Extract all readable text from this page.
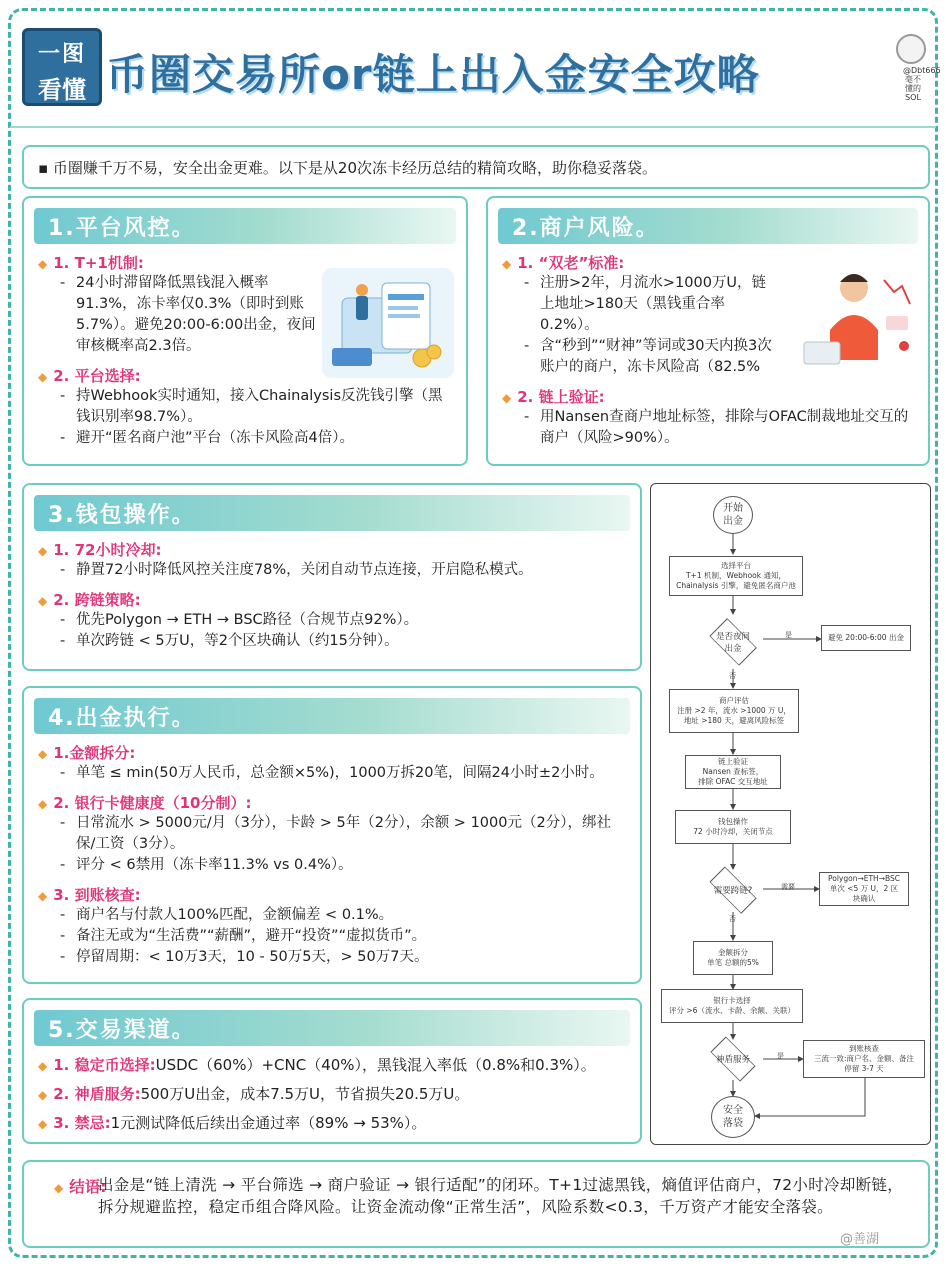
一图
看懂 币圈交易所or链上出入金安全攻略	@Dbt666 毫不懂的SOL
▪ 币圈赚千万不易，安全出金更难。以下是从20次冻卡经历总结的精简攻略，助你稳妥落袋。
1.平台风控。
◆ 1. T+1机制:
- 24小时滞留降低黑钱混入概率91.3%，冻卡率仅0.3%（即时到账5.7%）。避免20:00-6:00出金，夜间审核概率高2.3倍。
◆ 2. 平台选择:
- 持Webhook实时通知，接入Chainalysis反洗钱引擎（黑钱识别率98.7%）。
- 避开“匿名商户池”平台（冻卡风险高4倍）。
2.商户风险。
◆ 1. “双老”标准:
- 注册>2年，月流水>1000万U，链上地址>180天（黑钱重合率0.2%）。
- 含“秒到”“财神”等词或30天内换3次账户的商户，冻卡风险高（82.5%
◆ 2. 链上验证:
- 用Nansen查商户地址标签，排除与OFAC制裁地址交互的商户（风险>90%）。
3.钱包操作。
◆ 1. 72小时冷却:
- 静置72小时降低风控关注度78%，关闭自动节点连接，开启隐私模式。
◆ 2. 跨链策略:
- 优先Polygon → ETH → BSC路径（合规节点92%）。
- 单次跨链 < 5万U，等2个区块确认（约15分钟）。
4.出金执行。
◆ 1.金额拆分:
- 单笔 ≤ min(50万人民币，总金额×5%)，1000万拆20笔，间隔24小时±2小时。
◆ 2. 银行卡健康度（10分制）:
- 日常流水 > 5000元/月（3分），卡龄 > 5年（2分），余额 > 1000元（2分），绑社保/工资（3分）。
- 评分 < 6禁用（冻卡率11.3% vs 0.4%）。
◆ 3. 到账核查:
- 商户名与付款人100%匹配，金额偏差 < 0.1%。
- 备注无或为“生活费”“薪酬”，避开“投资”“虚拟货币”。
- 停留周期：< 10万3天，10 - 50万5天，> 50万7天。
5.交易渠道。
◆ 1. 稳定币选择:USDC（60%）+CNC（40%），黑钱混入率低（0.8%和0.3%）。
◆ 2. 神盾服务:500万U出金，成本7.5万U，节省损失20.5万U。
◆ 3. 禁忌:1元测试降低后续出金通过率（89% → 53%）。
开始
出金
选择平台
T+1 机制，Webhook 通知，
Chainalysis 引擎，避免匿名商户池
是否夜间
出金
是
否
避免 20:00-6:00 出金
商户评估
注册 >2 年，流水 >1000 万 U，
地址 >180 天，避离风险标签
链上验证
Nansen 查标签，
排除 OFAC 交互地址
钱包操作
72 小时冷却，关闭节点
需要跨链?	需要
否
Polygon→ETH→BSC
单次 <5 万 U，2 区
块确认
金额拆分
单笔 总额的5%
银行卡选择
评分 >6（流水、卡龄、余额、关联）
神盾服务	是
到账核查
三流一致:商户名、金额、备注
停留 3-7 天
安全
落袋
◆ 结语:
出金是“链上清洗 → 平台筛选 → 商户验证 → 银行适配”的闭环。T+1过滤黑钱，熵值评估商户，72小时冷却断链，拆分规避监控，稳定币组合降风险。让资金流动像“正常生活”，风险系数<0.3，千万资产才能安全落袋。
@善湖
